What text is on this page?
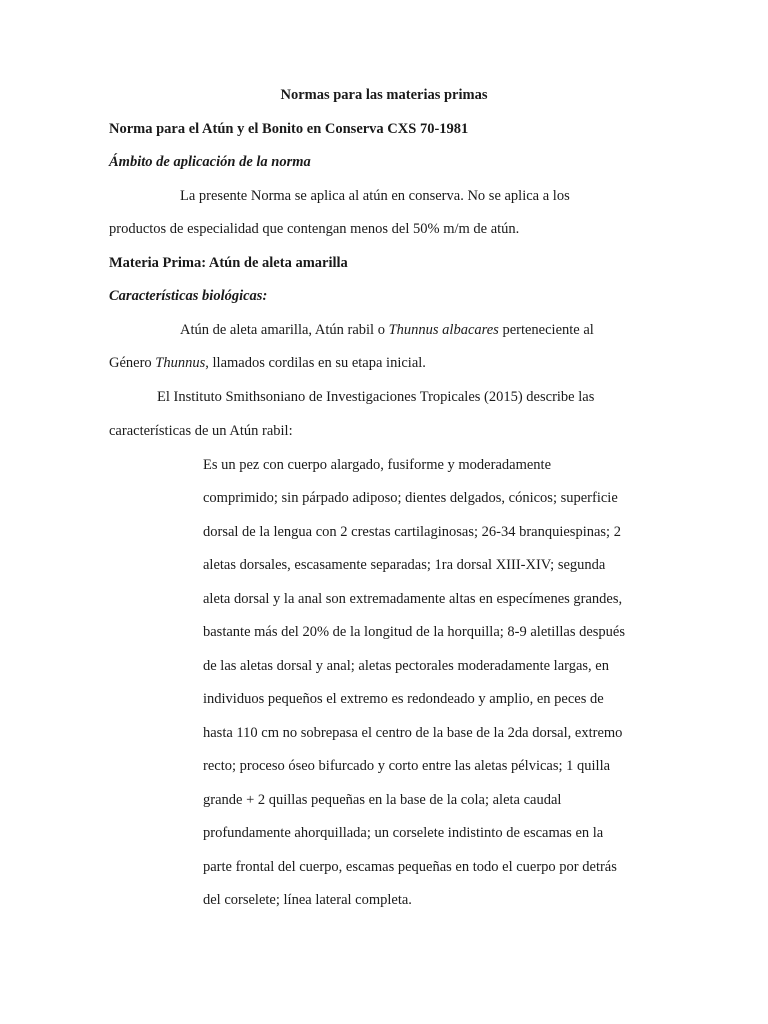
Normas para las materias primas
Norma para el Atún y el Bonito en Conserva CXS 70-1981
Ámbito de aplicación de la norma
La presente Norma se aplica al atún en conserva. No se aplica a los
productos de especialidad que contengan menos del 50% m/m de atún.
Materia Prima: Atún de aleta amarilla
Características biológicas:
Atún de aleta amarilla, Atún rabil o Thunnus albacares perteneciente al
Género Thunnus, llamados cordilas en su etapa inicial.
El Instituto Smithsoniano de Investigaciones Tropicales (2015) describe las
características de un Atún rabil:
Es un pez con cuerpo alargado, fusiforme y moderadamente
comprimido; sin párpado adiposo; dientes delgados, cónicos; superficie
dorsal de la lengua con 2 crestas cartilaginosas; 26-34 branquiespinas; 2
aletas dorsales, escasamente separadas; 1ra dorsal XIII-XIV; segunda
aleta dorsal y la anal son extremadamente altas en especímenes grandes,
bastante más del 20% de la longitud de la horquilla; 8-9 aletillas después
de las aletas dorsal y anal; aletas pectorales moderadamente largas, en
individuos pequeños el extremo es redondeado y amplio, en peces de
hasta 110 cm no sobrepasa el centro de la base de la 2da dorsal, extremo
recto; proceso óseo bifurcado y corto entre las aletas pélvicas; 1 quilla
grande + 2 quillas pequeñas en la base de la cola; aleta caudal
profundamente ahorquillada; un corselete indistinto de escamas en la
parte frontal del cuerpo, escamas pequeñas en todo el cuerpo por detrás
del corselete; línea lateral completa.
